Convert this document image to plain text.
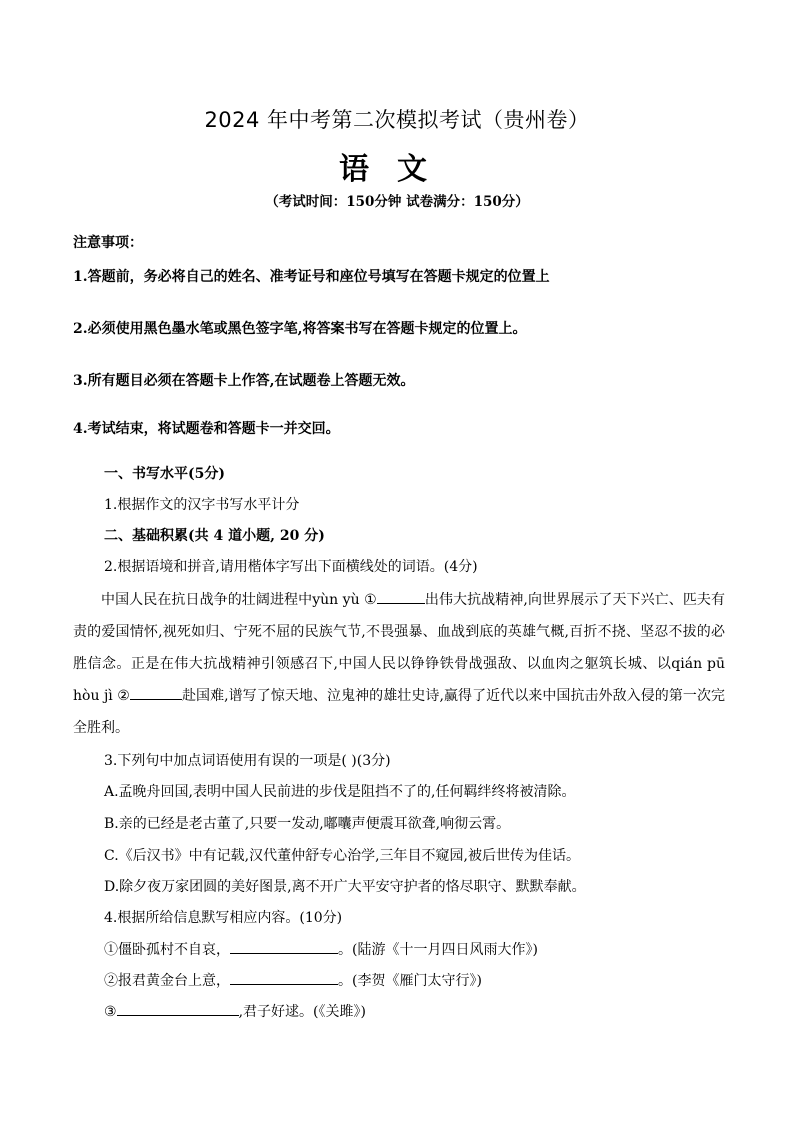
2024 年中考第二次模拟考试（贵州卷）
语文
（考试时间：150分钟 试卷满分：150分）
注意事项：
1.答题前，务必将自己的姓名、准考证号和座位号填写在答题卡规定的位置上
2.必须使用黑色墨水笔或黑色签字笔,将答案书写在答题卡规定的位置上。
3.所有题目必须在答题卡上作答,在试题卷上答题无效。
4.考试结束，将试题卷和答题卡一并交回。
一、书写水平(5分)
1.根据作文的汉字书写水平计分
二、基础积累(共 4 道小题, 20 分)
2.根据语境和拼音,请用楷体字写出下面横线处的词语。(4分)

中国人民在抗日战争的壮阔进程中yùn yù ①	出伟大抗战精神,向世界展示了天下兴亡、匹夫有责的爱国情怀,视死如归、宁死不屈的民族气节,不畏强暴、血战到底的英雄气概,百折不挠、坚忍不拔的必胜信念。正是在伟大抗战精神引领感召下,中国人民以铮铮铁骨战强敌、以血肉之躯筑长城、以qián pū hòu jì ②	赴国难,谱写了惊天地、泣鬼神的雄壮史诗,赢得了近代以来中国抗击外敌入侵的第一次完全胜利。

3.下列句中加点词语使用有误的一项是( )(3分)
A.孟晚舟回国,表明中国人民前进的步伐是阻挡不了的,任何羁绊终将被清除。
B.亲的已经是老古董了,只要一发动,嘟囔声便震耳欲聋,响彻云霄。
C.《后汉书》中有记载,汉代董仲舒专心治学,三年目不窥园,被后世传为佳话。
D.除夕夜万家团圆的美好图景,离不开广大平安守护者的恪尽职守、默默奉献。
4.根据所给信息默写相应内容。(10分)
①僵卧孤村不自哀，	。(陆游《十一月四日风雨大作》)
②报君黄金台上意，	。(李贺《雁门太守行》)
③	,君子好逑。(《关雎》)
